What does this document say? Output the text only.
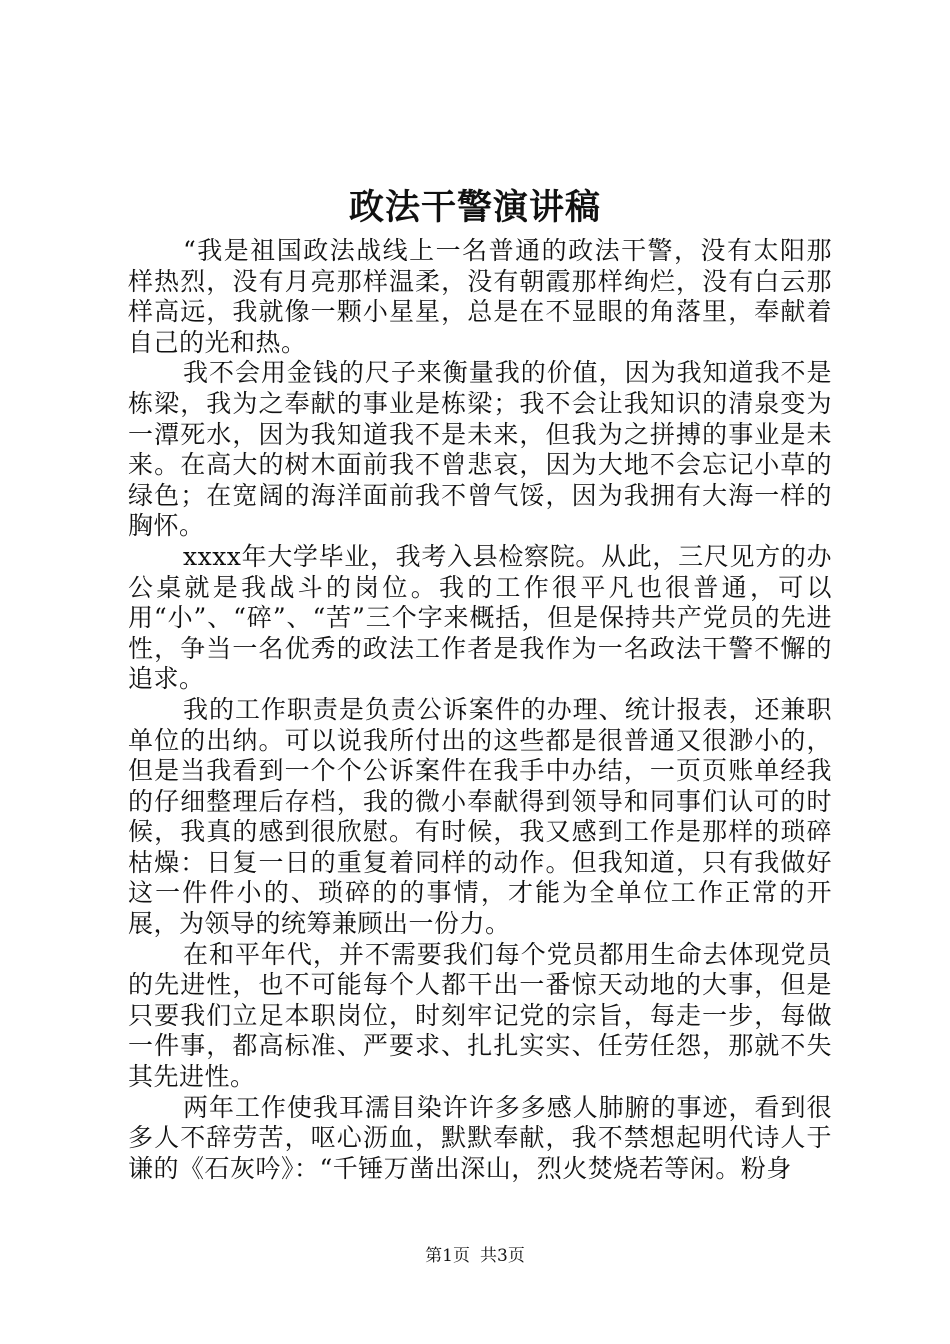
政法干警演讲稿

“我是祖国政法战线上一名普通的政法干警，没有太阳那样热烈，没有月亮那样温柔，没有朝霞那样绚烂，没有白云那样高远，我就像一颗小星星，总是在不显眼的角落里，奉献着自己的光和热。

我不会用金钱的尺子来衡量我的价值，因为我知道我不是栋梁，我为之奉献的事业是栋梁；我不会让我知识的清泉变为一潭死水，因为我知道我不是未来，但我为之拼搏的事业是未来。在高大的树木面前我不曾悲哀，因为大地不会忘记小草的绿色；在宽阔的海洋面前我不曾气馁，因为我拥有大海一样的胸怀。

xxxx年大学毕业，我考入县检察院。从此，三尺见方的办公桌就是我战斗的岗位。我的工作很平凡也很普通，可以用“小”、“碎”、“苦”三个字来概括，但是保持共产党员的先进性，争当一名优秀的政法工作者是我作为一名政法干警不懈的追求。

我的工作职责是负责公诉案件的办理、统计报表，还兼职单位的出纳。可以说我所付出的这些都是很普通又很渺小的，但是当我看到一个个公诉案件在我手中办结，一页页账单经我的仔细整理后存档，我的微小奉献得到领导和同事们认可的时候，我真的感到很欣慰。有时候，我又感到工作是那样的琐碎枯燥：日复一日的重复着同样的动作。但我知道，只有我做好这一件件小的、琐碎的的事情，才能为全单位工作正常的开展，为领导的统筹兼顾出一份力。

在和平年代，并不需要我们每个党员都用生命去体现党员的先进性，也不可能每个人都干出一番惊天动地的大事，但是只要我们立足本职岗位，时刻牢记党的宗旨，每走一步，每做一件事，都高标准、严要求、扎扎实实、任劳任怨，那就不失其先进性。

两年工作使我耳濡目染许许多多感人肺腑的事迹，看到很多人不辞劳苦，呕心沥血，默默奉献，我不禁想起明代诗人于谦的《石灰吟》：“千锤万凿出深山，烈火焚烧若等闲。粉身

第1页 共3页
